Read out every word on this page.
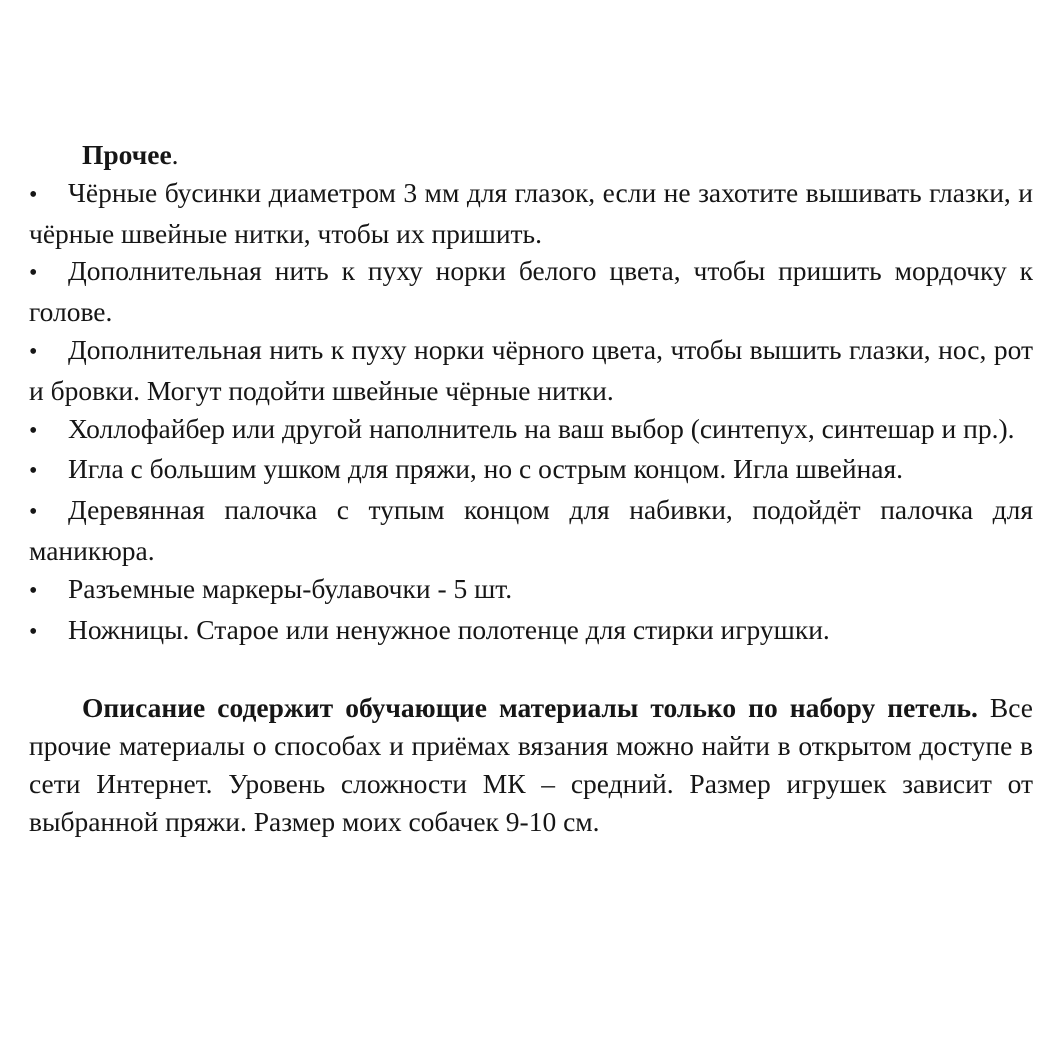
Прочее.

• Чёрные бусинки диаметром 3 мм для глазок, если не захотите вышивать глазки, и чёрные швейные нитки, чтобы их пришить.
• Дополнительная нить к пуху норки белого цвета, чтобы пришить мордочку к голове.
• Дополнительная нить к пуху норки чёрного цвета, чтобы вышить глазки, нос, рот и бровки. Могут подойти швейные чёрные нитки.
• Холлофайбер или другой наполнитель на ваш выбор (синтепух, синтешар и пр.).
• Игла с большим ушком для пряжи, но с острым концом. Игла швейная.
• Деревянная палочка с тупым концом для набивки, подойдёт палочка для маникюра.
• Разъемные маркеры-булавочки - 5 шт.
• Ножницы. Старое или ненужное полотенце для стирки игрушки.

Описание содержит обучающие материалы только по набору петель. Все прочие материалы о способах и приёмах вязания можно найти в открытом доступе в сети Интернет. Уровень сложности МК – средний. Размер игрушек зависит от выбранной пряжи. Размер моих собачек 9-10 см.
